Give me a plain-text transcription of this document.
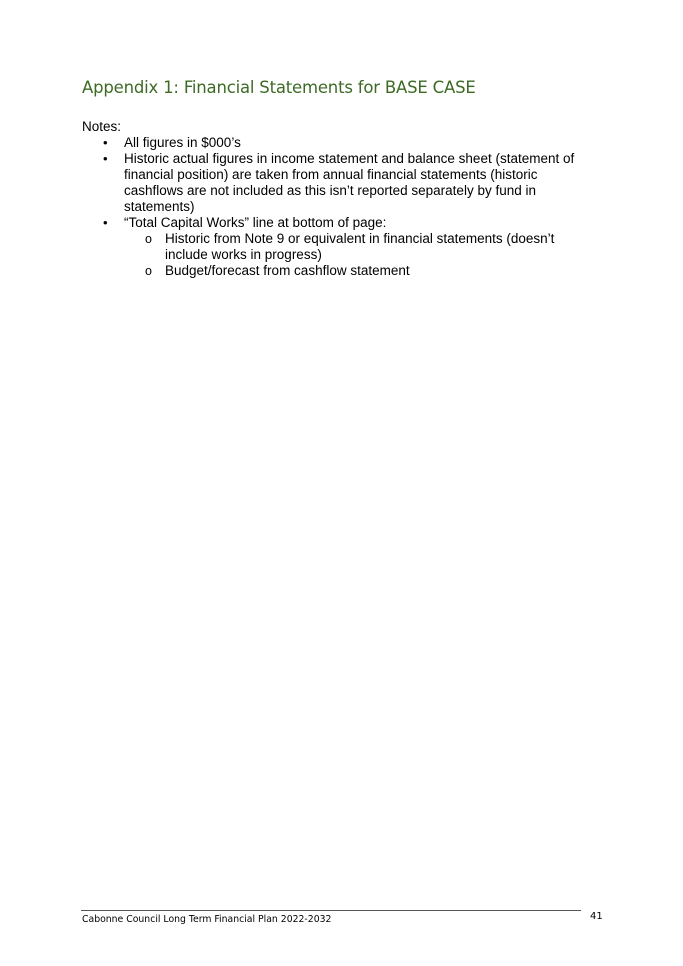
Appendix 1: Financial Statements for BASE CASE
Notes:
•	All figures in $000’s
•	Historic actual figures in income statement and balance sheet (statement of financial position) are taken from annual financial statements (historic cashflows are not included as this isn’t reported separately by fund in statements)
•	“Total Capital Works” line at bottom of page:
o Historic from Note 9 or equivalent in financial statements (doesn’t include works in progress)
o Budget/forecast from cashflow statement
Cabonne Council Long Term Financial Plan 2022-2032	41
